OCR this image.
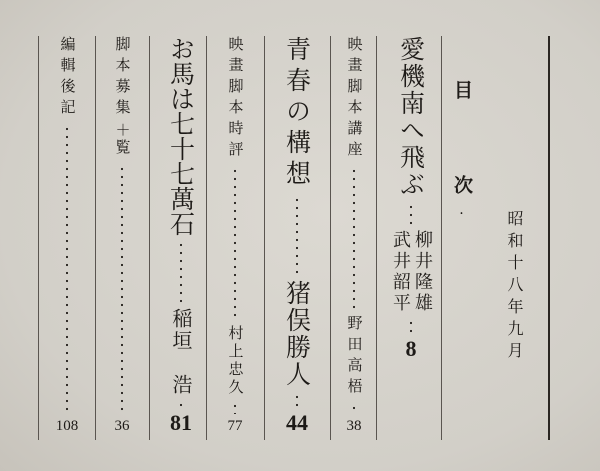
目
次
.	昭和十八年九月
愛機南へ飛ぶ
柳井隆雄
武井韶平
8
映畫脚本講座
野田高梧
38
青春の構想
猪俣勝人
44
映畫脚本時評
村上忠久
77
お馬は七十七萬石
稲垣　浩
81
脚本募集
＋
覧
36
編輯後記
108
